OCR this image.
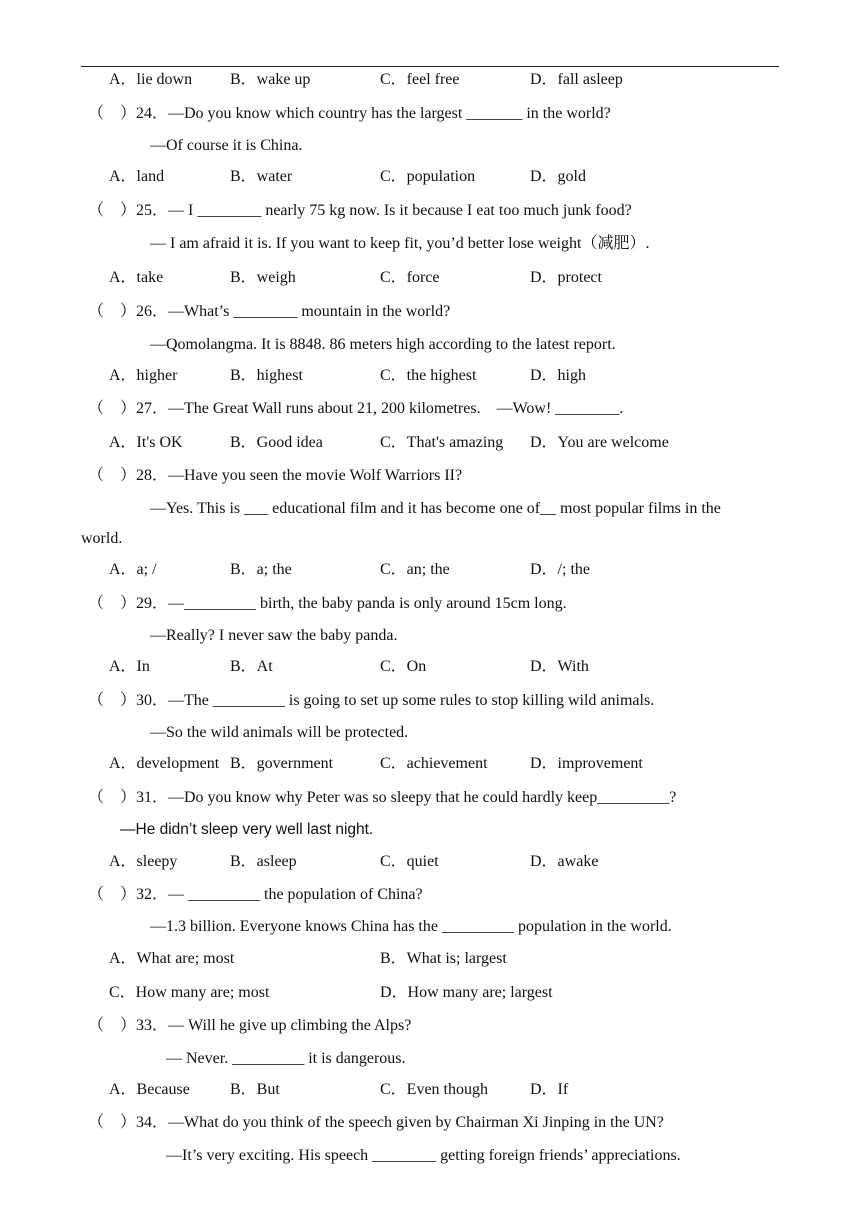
A．lie down B．wake up	C．feel free	D．fall asleep
（　）24．—Do you know which country has the largest _______ in the world?
—Of course it is China.
A．land	B．water	C．population	D．gold
（　）25．— I ________ nearly 75 kg now. Is it because I eat too much junk food?
— I am afraid it is. If you want to keep fit, you’d better lose weight（减肥）.
A．take	B．weigh	C．force	D．protect
（　）26．—What’s ________ mountain in the world?
—Qomolangma. It is 8848. 86 meters high according to the latest report.
A．higher	B．highest	C．the highest	D．high
（　）27．—The Great Wall runs about 21, 200 kilometres.　—Wow! ________.
A．It's OK	B．Good idea	C．That's amazing D．You are welcome
（　）28．—Have you seen the movie Wolf Warriors II?
—Yes. This is ___ educational film and it has become one of__ most popular films in the
world.
A．a; /	B．a; the	C．an; the	D．/; the
（　）29．—_________ birth, the baby panda is only around 15cm long.
—Really? I never saw the baby panda.
A．In	B．At	C．On	D．With
（　）30．—The _________ is going to set up some rules to stop killing wild animals.
—So the wild animals will be protected.
A．development B．government	C．achievement	D．improvement
（　）31．—Do you know why Peter was so sleepy that he could hardly keep_________?
—He didn’t sleep very well last night.
A．sleepy	B．asleep	C．quiet	D．awake
（　）32．— _________ the population of China?
—1.3 billion. Everyone knows China has the _________ population in the world.
A．What are; most	B．What is; largest
C．How many are; most	D．How many are; largest
（　）33．— Will he give up climbing the Alps?
— Never. _________ it is dangerous.
A．Because	B．But	C．Even though	D．If
（　）34．—What do you think of the speech given by Chairman Xi Jinping in the UN?
—It’s very exciting. His speech ________ getting foreign friends’ appreciations.
